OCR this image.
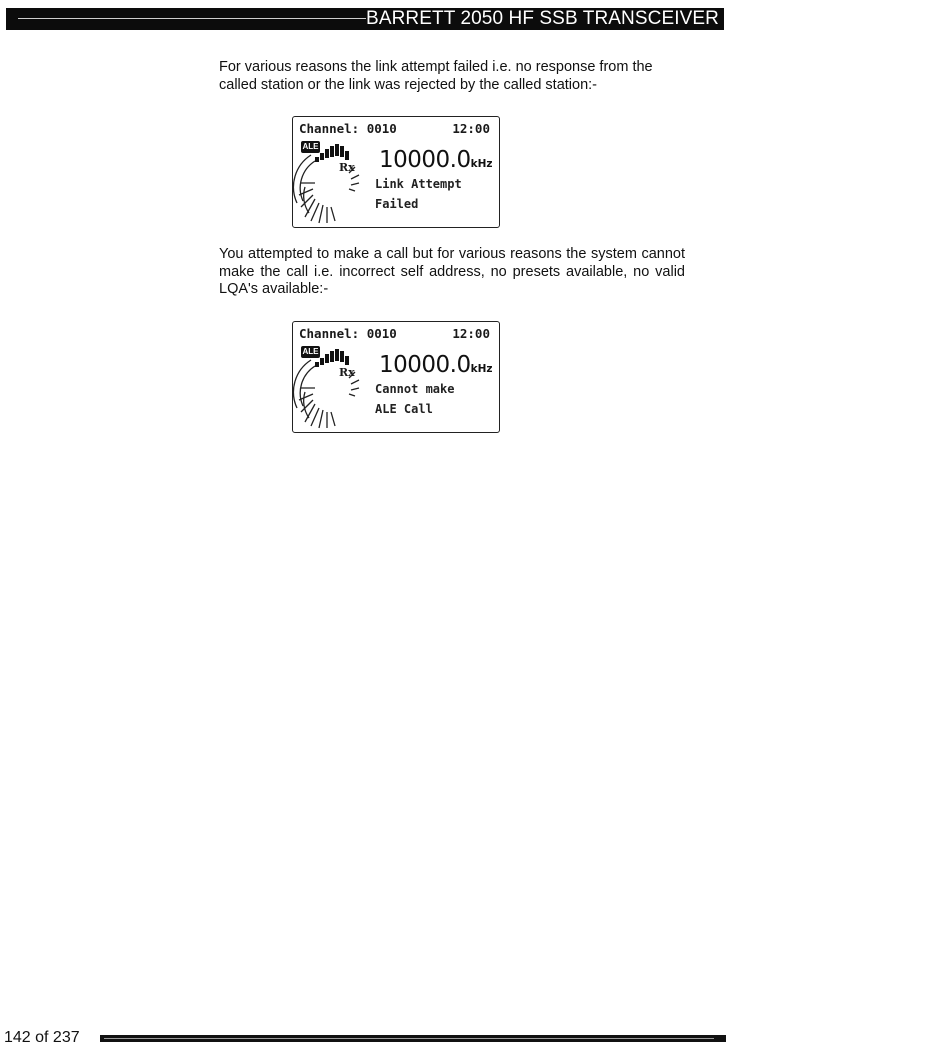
BARRETT 2050 HF SSB TRANSCEIVER
For various reasons the link attempt failed i.e. no response from the called station or the link was rejected by the called station:-
Channel: 0010	12:00
ALE
Rx 10000.0kHz
Link Attempt
Failed
You attempted to make a call but for various reasons the system cannot make the call i.e. incorrect self address, no presets available, no valid LQA's available:-
Channel: 0010	12:00
ALE
Rx 10000.0kHz
Cannot make
ALE Call
142 of 237
